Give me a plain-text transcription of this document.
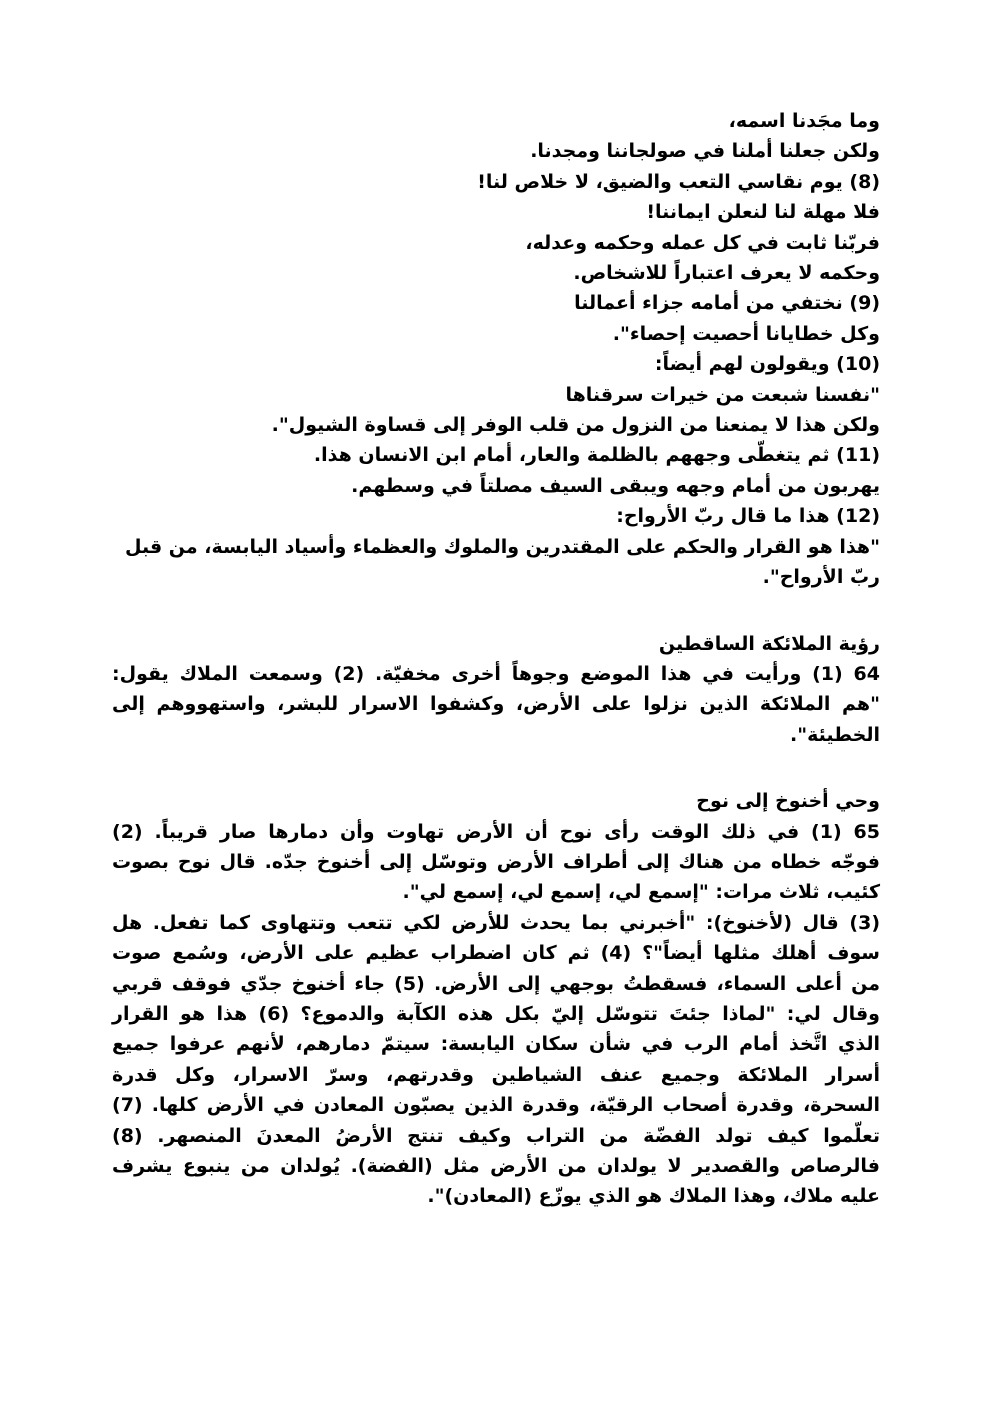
وما مجَدنا اسمه،
ولكن جعلنا أملنا في صولجاننا ومجدنا.
(8) يوم نقاسي التعب والضيق، لا خلاص لنا!
فلا مهلة لنا لنعلن ايماننا!
فربّنا ثابت في كل عمله وحكمه وعدله،
وحكمه لا يعرف اعتباراً للاشخاص.
(9) نختفي من أمامه جزاء أعمالنا
وكل خطايانا أحصيت إحصاء".
(10) ويقولون لهم أيضاً:
"نفسنا شبعت من خيرات سرقناها
ولكن هذا لا يمنعنا من النزول من قلب الوفر إلى قساوة الشيول".
(11) ثم يتغطّى وجههم بالظلمة والعار، أمام ابن الانسان هذا.
يهربون من أمام وجهه ويبقى السيف مصلتاً في وسطهم.
(12) هذا ما قال ربّ الأرواح:
"هذا هو القرار والحكم على المقتدرين والملوك والعظماء وأسياد اليابسة، من قبل
ربّ الأرواح".
رؤية الملائكة الساقطين
64 (1) ورأيت في هذا الموضع وجوهاً أخرى مخفيّة. (2) وسمعت الملاك يقول:
"هم الملائكة الذين نزلوا على الأرض، وكشفوا الاسرار للبشر، واستهووهم إلى
الخطيئة".
وحي أخنوخ إلى نوح
65 (1) في ذلك الوقت رأى نوح أن الأرض تهاوت وأن دمارها صار قريباً. (2)
فوجّه خطاه من هناك إلى أطراف الأرض وتوسّل إلى أخنوخ جدّه. قال نوح بصوت
كئيب، ثلاث مرات: "إسمع لي، إسمع لي، إسمع لي".
(3) قال (لأخنوخ): "أخبرني بما يحدث للأرض لكي تتعب وتتهاوى كما تفعل. هل
سوف أهلك مثلها أيضاً"؟ (4) ثم كان اضطراب عظيم على الأرض، وسُمع صوت
من أعلى السماء، فسقطتُ بوجهي إلى الأرض. (5) جاء أخنوخ جدّي فوقف قربي
وقال لي: "لماذا جئتَ تتوسّل إليّ بكل هذه الكآبة والدموع؟ (6) هذا هو القرار
الذي اتَّخذ أمام الرب في شأن سكان اليابسة: سيتمّ دمارهم، لأنهم عرفوا جميع
أسرار الملائكة وجميع عنف الشياطين وقدرتهم، وسرّ الاسرار، وكل قدرة
السحرة، وقدرة أصحاب الرقيّة، وقدرة الذين يصبّون المعادن في الأرض كلها. (7)
تعلّموا كيف تولد الفضّة من التراب وكيف تنتج الأرضُ المعدنَ المنصهر. (8)
فالرصاص والقصدير لا يولدان من الأرض مثل (الفضة). يُولدان من ينبوع يشرف
عليه ملاك، وهذا الملاك هو الذي يوزّع (المعادن)".
